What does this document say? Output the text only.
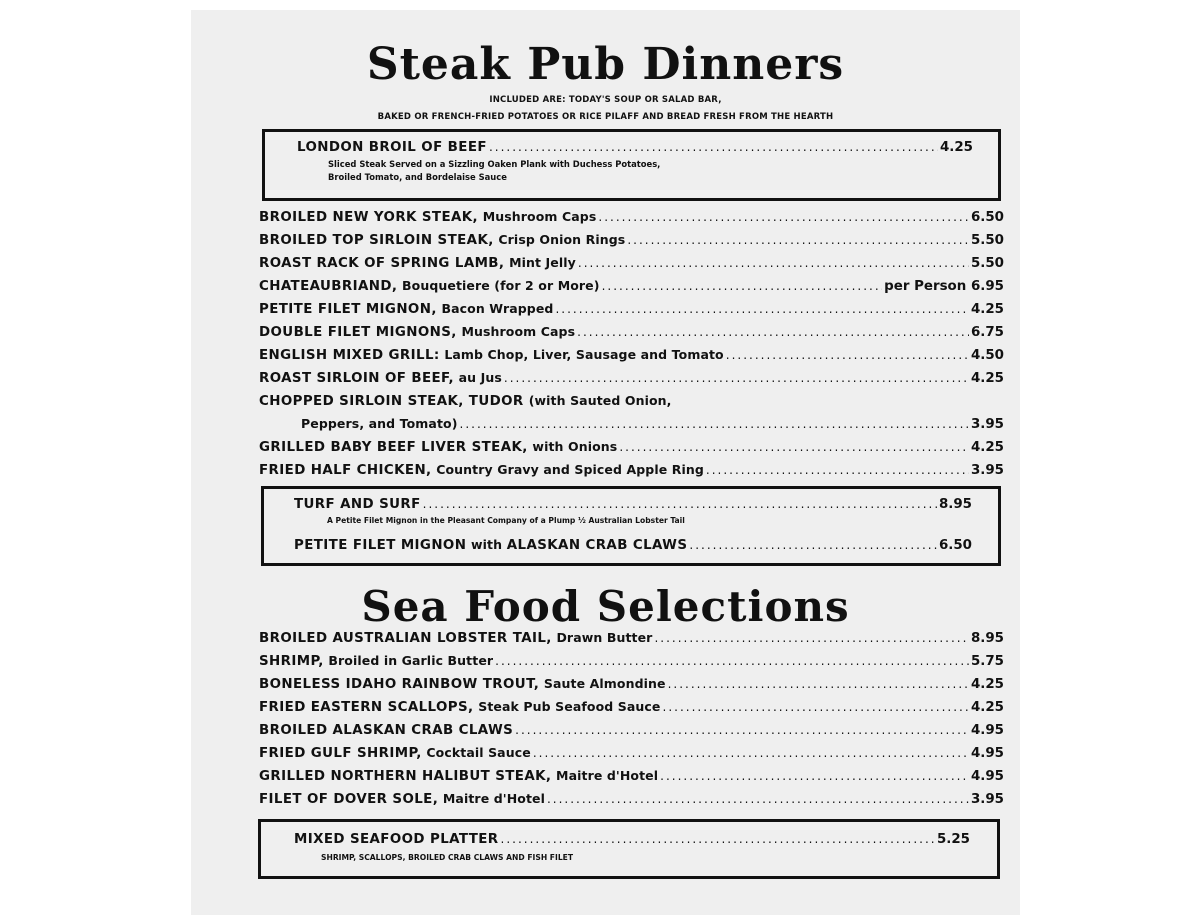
Steak Pub Dinners
INCLUDED ARE: TODAY'S SOUP OR SALAD BAR,
BAKED OR FRENCH-FRIED POTATOES OR RICE PILAFF AND BREAD FRESH FROM THE HEARTH
LONDON BROIL OF BEEF .....	4.25
Sliced Steak Served on a Sizzling Oaken Plank with Duchess Potatoes,
Broiled Tomato, and Bordelaise Sauce
BROILED NEW YORK STEAK,
Mushroom Caps .....	6.50
BROILED TOP SIRLOIN STEAK,
Crisp Onion Rings .....	5.50
ROAST RACK OF SPRING LAMB,
Mint Jelly .....	5.50
CHATEAUBRIAND,
Bouquetiere (for 2 or More) .....	per Person 6.95
PETITE FILET MIGNON,
Bacon Wrapped .....	4.25
DOUBLE FILET MIGNONS,
Mushroom Caps .....	6.75
ENGLISH MIXED GRILL:
Lamb Chop, Liver, Sausage and Tomato .....	4.50
ROAST SIRLOIN OF BEEF,
au Jus .....	4.25
CHOPPED SIRLOIN STEAK, TUDOR (with Sauted Onion,
Peppers, and Tomato) .....	3.95
GRILLED BABY BEEF LIVER STEAK,
with Onions .....	4.25
FRIED HALF CHICKEN,
Country Gravy and Spiced Apple Ring .....	3.95
TURF AND SURF .....	8.95
A Petite Filet Mignon in the Pleasant Company of a Plump ½ Australian Lobster Tail
PETITE FILET MIGNON
with
ALASKAN CRAB CLAWS .....	6.50
Sea Food Selections
BROILED AUSTRALIAN LOBSTER TAIL,
Drawn Butter .....	8.95
SHRIMP,
Broiled in Garlic Butter .....	5.75
BONELESS IDAHO RAINBOW TROUT,
Saute Almondine .....	4.25
FRIED EASTERN SCALLOPS,
Steak Pub Seafood Sauce .....	4.25
BROILED ALASKAN CRAB CLAWS .....	4.95
FRIED GULF SHRIMP,
Cocktail Sauce .....	4.95
GRILLED NORTHERN HALIBUT STEAK,
Maitre d'Hotel .....	4.95
FILET OF DOVER SOLE,
Maitre d'Hotel .....	3.95
MIXED SEAFOOD PLATTER .....	5.25
SHRIMP, SCALLOPS, BROILED CRAB CLAWS AND FISH FILET
